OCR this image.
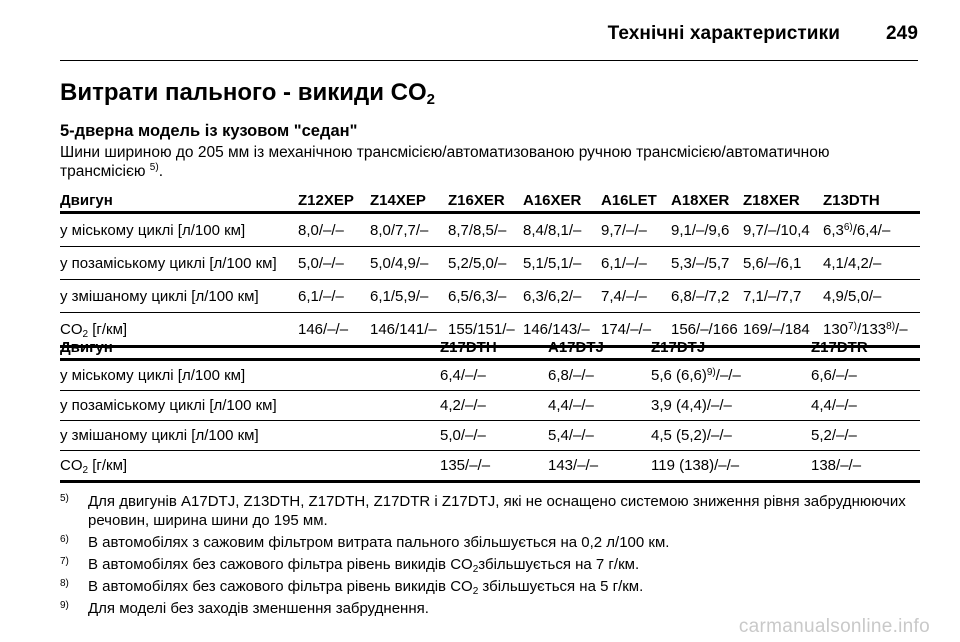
Технічні характеристики 249
Витрати пального - викиди $CO_2$
5-дверна модель із кузовом "седан"
Шини шириною до 205 мм із механічною трансмісією/автоматизованою ручною трансмісією/автоматичною трансмісією $^{5)}$.
Двигун	Z12XEP	Z14XEP	Z16XER	A16XER	A16LET	A18XER	Z18XER	Z13DTH
у міському циклі [л/100 км]	8,0/–/–	8,0/7,7/–	8,7/8,5/–	8,4/8,1/–	9,7/–/–	9,1/–/9,6	9,7/–/10,4	6,3$^{6)}$/6,4/–
у позаміському циклі [л/100 км]	5,0/–/–	5,0/4,9/–	5,2/5,0/–	5,1/5,1/–	6,1/–/–	5,3/–/5,7	5,6/–/6,1	4,1/4,2/–
у змішаному циклі [л/100 км]	6,1/–/–	6,1/5,9/–	6,5/6,3/–	6,3/6,2/–	7,4/–/–	6,8/–/7,2	7,1/–/7,7	4,9/5,0/–
$CO_2$ [г/км]	146/–/–	146/141/–	155/151/–	146/143/–	174/–/–	156/–/166	169/–/184	130$^{7)}$/133$^{8)}$/–
Двигун	Z17DTH	A17DTJ	Z17DTJ	Z17DTR
у міському циклі [л/100 км]	6,4/–/–	6,8/–/–	5,6 $(6,6)^{9)}/-/-$	6,6/–/–
у позаміському циклі [л/100 км]	4,2/–/–	4,4/–/–	3,9 (4,4)/–/–	4,4/–/–
у змішаному циклі [л/100 км]	5,0/–/–	5,4/–/–	4,5 (5,2)/–/–	5,2/–/–
$CO_2$ [г/км]	135/–/–	143/–/–	119 (138)/–/–	138/–/–
5)	Для двигунів A17DTJ, Z13DTH, Z17DTH, Z17DTR і Z17DTJ, які не оснащено системою зниження рівня забруднюючих речовин, ширина шини до 195 мм.
6)	В автомобілях з сажовим фільтром витрата пального збільшується на 0,2 л/100 км.
7)	В автомобілях без сажового фільтра рівень викидів $CO_2збільшується$ на 7 г/км.
8)	В автомобілях без сажового фільтра рівень викидів $CO_2$ збільшується на 5 г/км.
9)	Для моделі без заходів зменшення забруднення.
carmanualsonline.info
